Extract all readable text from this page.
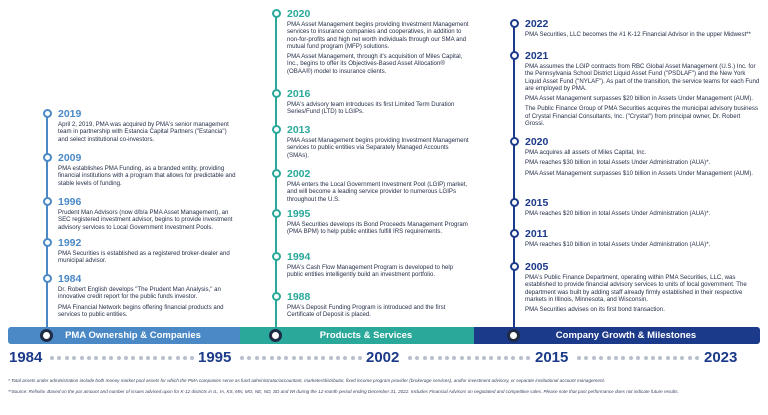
2019

April 2, 2019, PMA was acquired by PMA's senior management team in partnership with Estancia Capital Partners ("Estancia") and select institutional co-investors.

2009

PMA establishes PMA Funding, as a branded entity, providing financial institutions with a program that allows for predictable and stable levels of funding.

1996

Prudent Man Advisors (now d/b/a PMA Asset Management), an SEC registered investment advisor, begins to provide investment advisory services to Local Government Investment Pools.

1992

PMA Securities is established as a registered broker-dealer and municipal advisor.

1984

Dr. Robert English develops "The Prudent Man Analysis," an innovative credit report for the public funds investor.

PMA Financial Network begins offering financial products and services to public entities.

2020

PMA Asset Management begins providing Investment Management services to insurance companies and cooperatives, in addition to non-for-profits and high net worth individuals through our SMA and mutual fund program (MFP) solutions.

PMA Asset Management, through it's acquisition of Miles Capital, Inc., begins to offer its Objectives-Based Asset Allocation® (OBAA®) model to insurance clients.

2016

PMA's advisory team introduces its first Limited Term Duration Series/Fund (LTD) to LGIPs.

2013

PMA Asset Management begins providing Investment Management services to public entities via Separately Managed Accounts (SMAs).

2002

PMA enters the Local Government Investment Pool (LGIP) market, and will become a leading service provider to numerous LGIPs throughout the U.S.

1995

PMA Securities develops its Bond Proceeds Management Program (PMA BPM) to help public entities fulfill IRS requirements.

1994

PMA's Cash Flow Management Program is developed to help public entities intelligently build an investment portfolio.

1988

PMA's Deposit Funding Program is introduced and the first Certificate of Deposit is placed.

2022

PMA Securities, LLC becomes the #1 K-12 Financial Advisor in the upper Midwest**

2021

PMA assumes the LGIP contracts from RBC Global Asset Management (U.S.) Inc. for the Pennsylvania School District Liquid Asset Fund ("PSDLAF") and the New York Liquid Asset Fund ("NYLAF"). As part of the transition, the service teams for each Fund are employed by PMA.

PMA Asset Management surpasses $20 billion in Assets Under Management (AUM).

The Public Finance Group of PMA Securities acquires the municipal advisory business of Crystal Financial Consultants, Inc. ("Crystal") from principal owner, Dr. Robert Grossi.

2020

PMA acquires all assets of Miles Capital, Inc.

PMA reaches $30 billion in total Assets Under Administration (AUA)*.

PMA Asset Management surpasses $10 billion in Assets Under Management (AUM).

2015

PMA reaches $20 billion in total Assets Under Administration (AUA)*.

2011

PMA reaches $10 billion in total Assets Under Administration (AUA)*.

2005

PMA's Public Finance Department, operating within PMA Securities, LLC, was established to provide financial advisory services to units of local government. The department was built by adding staff already firmly established in their respective markets in Illinois, Minnesota, and Wisconsin.

PMA Securities advises on its first bond transaction.

PMA Ownership & Companies	Products & Services	Company Growth & Milestones
1984	1995	2002	2015	2023
* Total assets under administration include both money market pool assets for which the PMA companies serve as fund administrator/accountant, marketer/distributor, fixed income program provider (brokerage services), and/or investment advisory, or separate institutional account management.
**Source: Refinitiv. Based on the par amount and number of issues advised upon for K-12 districts in IL, IA, KS, MN, MO, NE, ND, SD and WI during the 12-month period ending December 31, 2022. Includes Financial Advisors on negotiated and competitive sales. Please note that past performance does not indicate future results.
